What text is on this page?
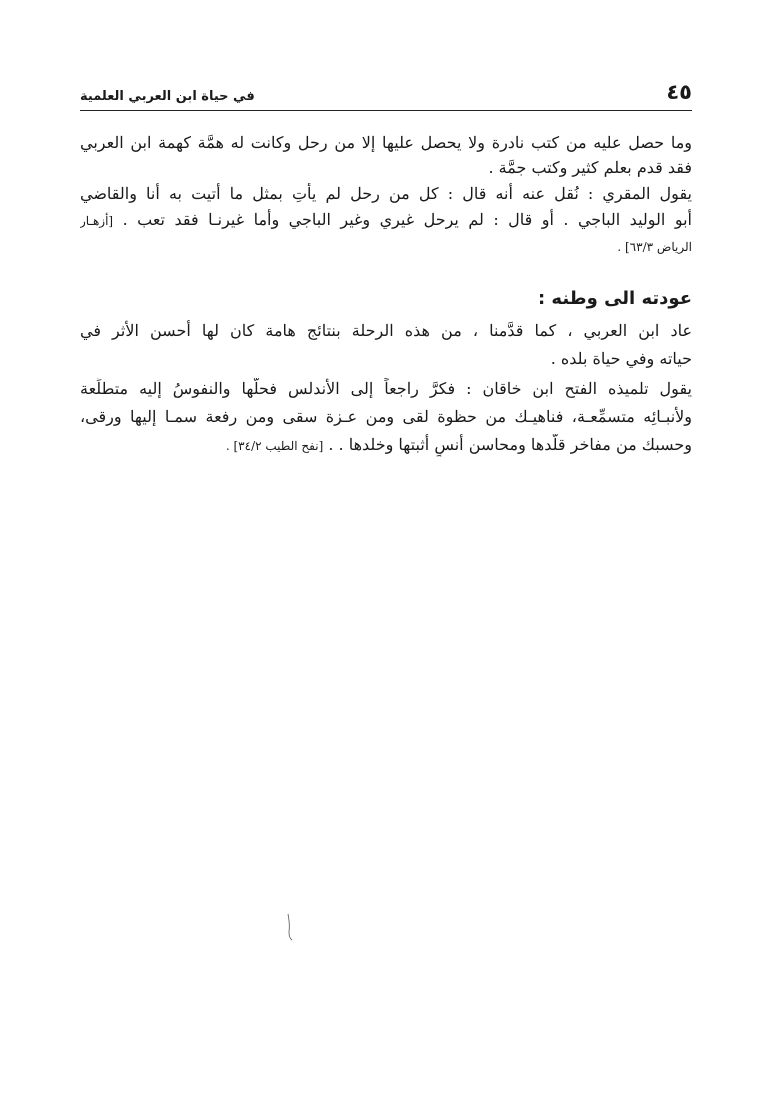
٤٥
في حياة ابن العربي العلمية
وما حصل عليه من كتب نادرة ولا يحصل عليها إلا من رحل وكانت له همَّة كهمة ابن العربي
فقد قدم بعلم كثير وكتب جمَّة .
يقول المقري : نُقل عنه أنه قال : كل من رحل لم يأتِ بمثل ما أتيت به أنا والقاضي
أبو الوليد الباجي . أو قال : لم يرحل غيري وغير الباجي وأما غيرنـا فقد تعب . [أزهـار
الرياض ٦٣/٣] .
عودته الى وطنه :
عاد ابن العربي ، كما قدَّمنا ، من هذه الرحلة بنتائج هامة كان لها أحسن الأثر في
حياته وفي حياة بلده .
يقول تلميذه الفتح ابن خاقان : فكرَّ راجعاً إلى الأندلس فحلَّها والنفوسُ إليه متطلِّعة
ولأنبـائِه متسمِّعـة، فناهيـك من حظوة لقى ومن عـزة سقى ومن رفعة سمـا إليها ورقى،
وحسبك من مفاخر قلّدها ومحاسن أنسٍ أثبتها وخلدها . . [نفح الطيب ٣٤/٢] .
